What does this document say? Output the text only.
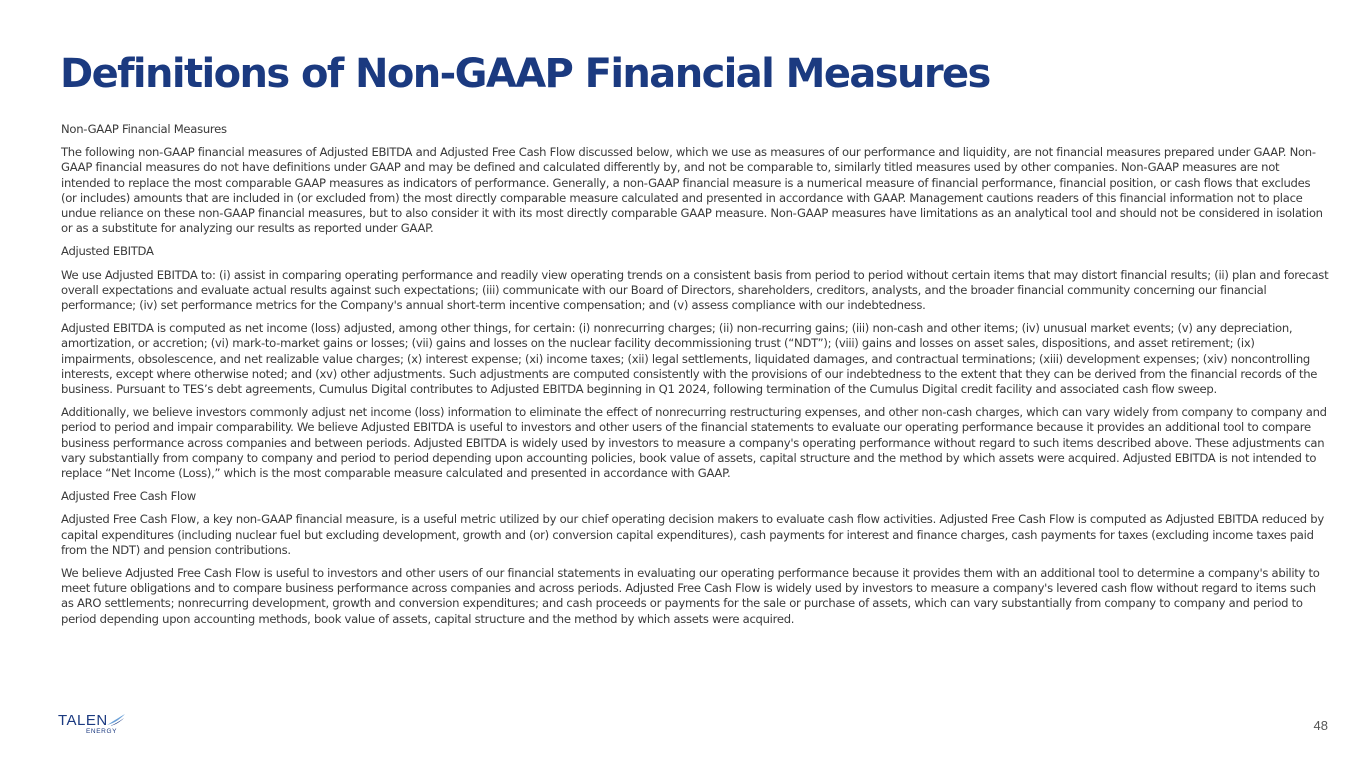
Definitions of Non-GAAP Financial Measures
Non-GAAP Financial Measures

The following non-GAAP financial measures of Adjusted EBITDA and Adjusted Free Cash Flow discussed below, which we use as measures of our performance and liquidity, are not financial measures prepared under GAAP. Non-GAAP financial measures do not have definitions under GAAP and may be defined and calculated differently by, and not be comparable to, similarly titled measures used by other companies. Non-GAAP measures are not intended to replace the most comparable GAAP measures as indicators of performance. Generally, a non-GAAP financial measure is a numerical measure of financial performance, financial position, or cash flows that excludes (or includes) amounts that are included in (or excluded from) the most directly comparable measure calculated and presented in accordance with GAAP. Management cautions readers of this financial information not to place undue reliance on these non-GAAP financial measures, but to also consider it with its most directly comparable GAAP measure. Non-GAAP measures have limitations as an analytical tool and should not be considered in isolation or as a substitute for analyzing our results as reported under GAAP.

Adjusted EBITDA

We use Adjusted EBITDA to: (i) assist in comparing operating performance and readily view operating trends on a consistent basis from period to period without certain items that may distort financial results; (ii) plan and forecast overall expectations and evaluate actual results against such expectations; (iii) communicate with our Board of Directors, shareholders, creditors, analysts, and the broader financial community concerning our financial performance; (iv) set performance metrics for the Company's annual short-term incentive compensation; and (v) assess compliance with our indebtedness.

Adjusted EBITDA is computed as net income (loss) adjusted, among other things, for certain: (i) nonrecurring charges; (ii) non-recurring gains; (iii) non-cash and other items; (iv) unusual market events; (v) any depreciation, amortization, or accretion; (vi) mark-to-market gains or losses; (vii) gains and losses on the nuclear facility decommissioning trust (“NDT”); (viii) gains and losses on asset sales, dispositions, and asset retirement; (ix) impairments, obsolescence, and net realizable value charges; (x) interest expense; (xi) income taxes; (xii) legal settlements, liquidated damages, and contractual terminations; (xiii) development expenses; (xiv) noncontrolling interests, except where otherwise noted; and (xv) other adjustments. Such adjustments are computed consistently with the provisions of our indebtedness to the extent that they can be derived from the financial records of the business. Pursuant to TES’s debt agreements, Cumulus Digital contributes to Adjusted EBITDA beginning in Q1 2024, following termination of the Cumulus Digital credit facility and associated cash flow sweep.

Additionally, we believe investors commonly adjust net income (loss) information to eliminate the effect of nonrecurring restructuring expenses, and other non-cash charges, which can vary widely from company to company and period to period and impair comparability. We believe Adjusted EBITDA is useful to investors and other users of the financial statements to evaluate our operating performance because it provides an additional tool to compare business performance across companies and between periods. Adjusted EBITDA is widely used by investors to measure a company's operating performance without regard to such items described above. These adjustments can vary substantially from company to company and period to period depending upon accounting policies, book value of assets, capital structure and the method by which assets were acquired. Adjusted EBITDA is not intended to replace “Net Income (Loss),” which is the most comparable measure calculated and presented in accordance with GAAP.

Adjusted Free Cash Flow

Adjusted Free Cash Flow, a key non-GAAP financial measure, is a useful metric utilized by our chief operating decision makers to evaluate cash flow activities. Adjusted Free Cash Flow is computed as Adjusted EBITDA reduced by capital expenditures (including nuclear fuel but excluding development, growth and (or) conversion capital expenditures), cash payments for interest and finance charges, cash payments for taxes (excluding income taxes paid from the NDT) and pension contributions.

We believe Adjusted Free Cash Flow is useful to investors and other users of our financial statements in evaluating our operating performance because it provides them with an additional tool to determine a company's ability to meet future obligations and to compare business performance across companies and across periods. Adjusted Free Cash Flow is widely used by investors to measure a company's levered cash flow without regard to items such as ARO settlements; nonrecurring development, growth and conversion expenditures; and cash proceeds or payments for the sale or purchase of assets, which can vary substantially from company to company and period to period depending upon accounting methods, book value of assets, capital structure and the method by which assets were acquired.

TALEN
ENERGY	48
